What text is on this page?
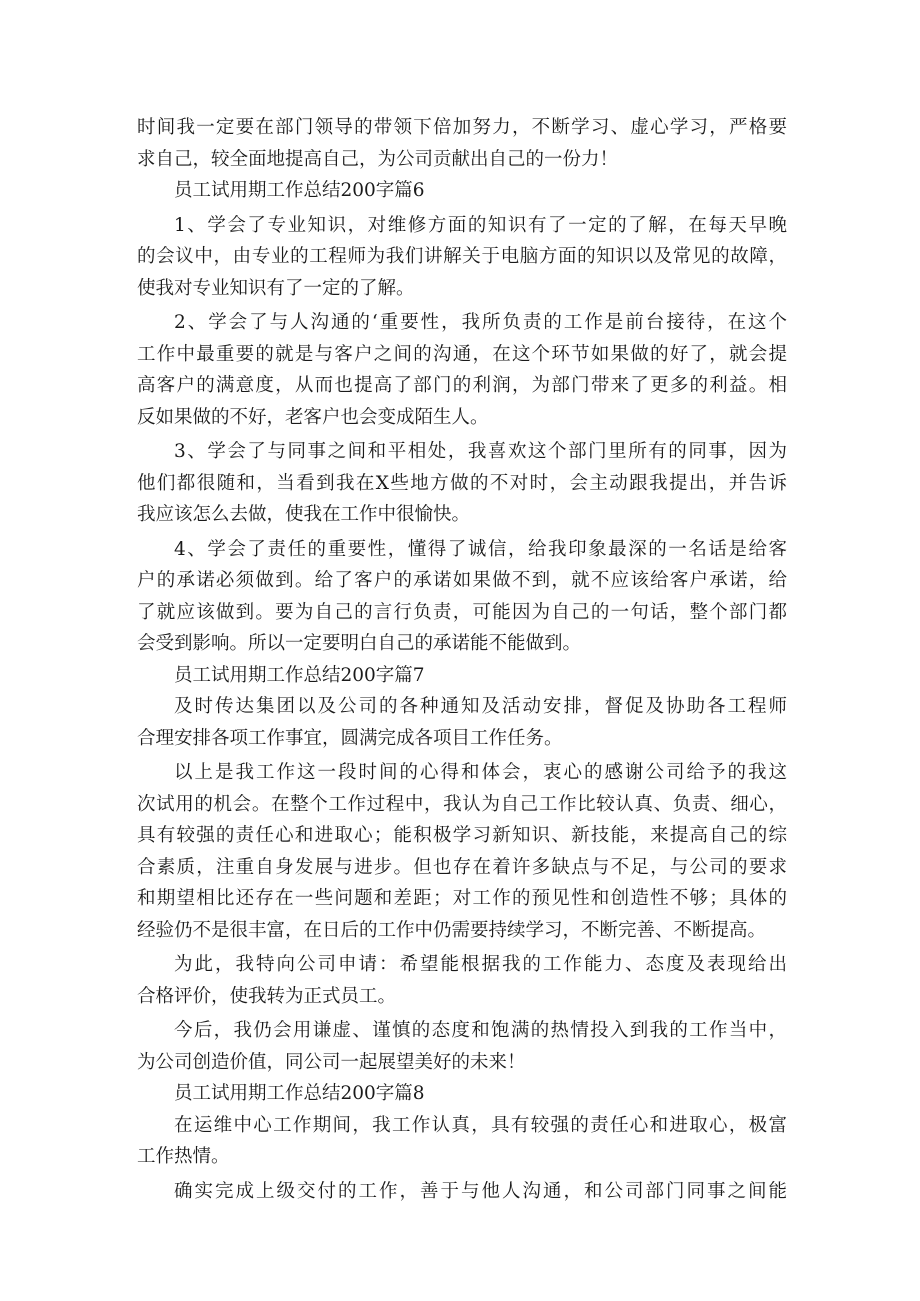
时间我一定要在部门领导的带领下倍加努力，不断学习、虚心学习，严格要
求自己，较全面地提高自己，为公司贡献出自己的一份力！
员工试用期工作总结200字篇6
1、学会了专业知识，对维修方面的知识有了一定的了解，在每天早晚
的会议中，由专业的工程师为我们讲解关于电脑方面的知识以及常见的故障，
使我对专业知识有了一定的了解。
2、学会了与人沟通的‘重要性，我所负责的工作是前台接待，在这个
工作中最重要的就是与客户之间的沟通，在这个环节如果做的好了，就会提
高客户的满意度，从而也提高了部门的利润，为部门带来了更多的利益。相
反如果做的不好，老客户也会变成陌生人。
3、学会了与同事之间和平相处，我喜欢这个部门里所有的同事，因为
他们都很随和，当看到我在X些地方做的不对时，会主动跟我提出，并告诉
我应该怎么去做，使我在工作中很愉快。
4、学会了责任的重要性，懂得了诚信，给我印象最深的一名话是给客
户的承诺必须做到。给了客户的承诺如果做不到，就不应该给客户承诺，给
了就应该做到。要为自己的言行负责，可能因为自己的一句话，整个部门都
会受到影响。所以一定要明白自己的承诺能不能做到。
员工试用期工作总结200字篇7
及时传达集团以及公司的各种通知及活动安排，督促及协助各工程师
合理安排各项工作事宜，圆满完成各项目工作任务。
以上是我工作这一段时间的心得和体会，衷心的感谢公司给予的我这
次试用的机会。在整个工作过程中，我认为自己工作比较认真、负责、细心，
具有较强的责任心和进取心；能积极学习新知识、新技能，来提高自己的综
合素质，注重自身发展与进步。但也存在着许多缺点与不足，与公司的要求
和期望相比还存在一些问题和差距；对工作的预见性和创造性不够；具体的
经验仍不是很丰富，在日后的工作中仍需要持续学习，不断完善、不断提高。
为此，我特向公司申请：希望能根据我的工作能力、态度及表现给出
合格评价，使我转为正式员工。
今后，我仍会用谦虚、谨慎的态度和饱满的热情投入到我的工作当中，
为公司创造价值，同公司一起展望美好的未来！
员工试用期工作总结200字篇8
在运维中心工作期间，我工作认真，具有较强的责任心和进取心，极富
工作热情。
确实完成上级交付的工作，善于与他人沟通，和公司部门同事之间能
